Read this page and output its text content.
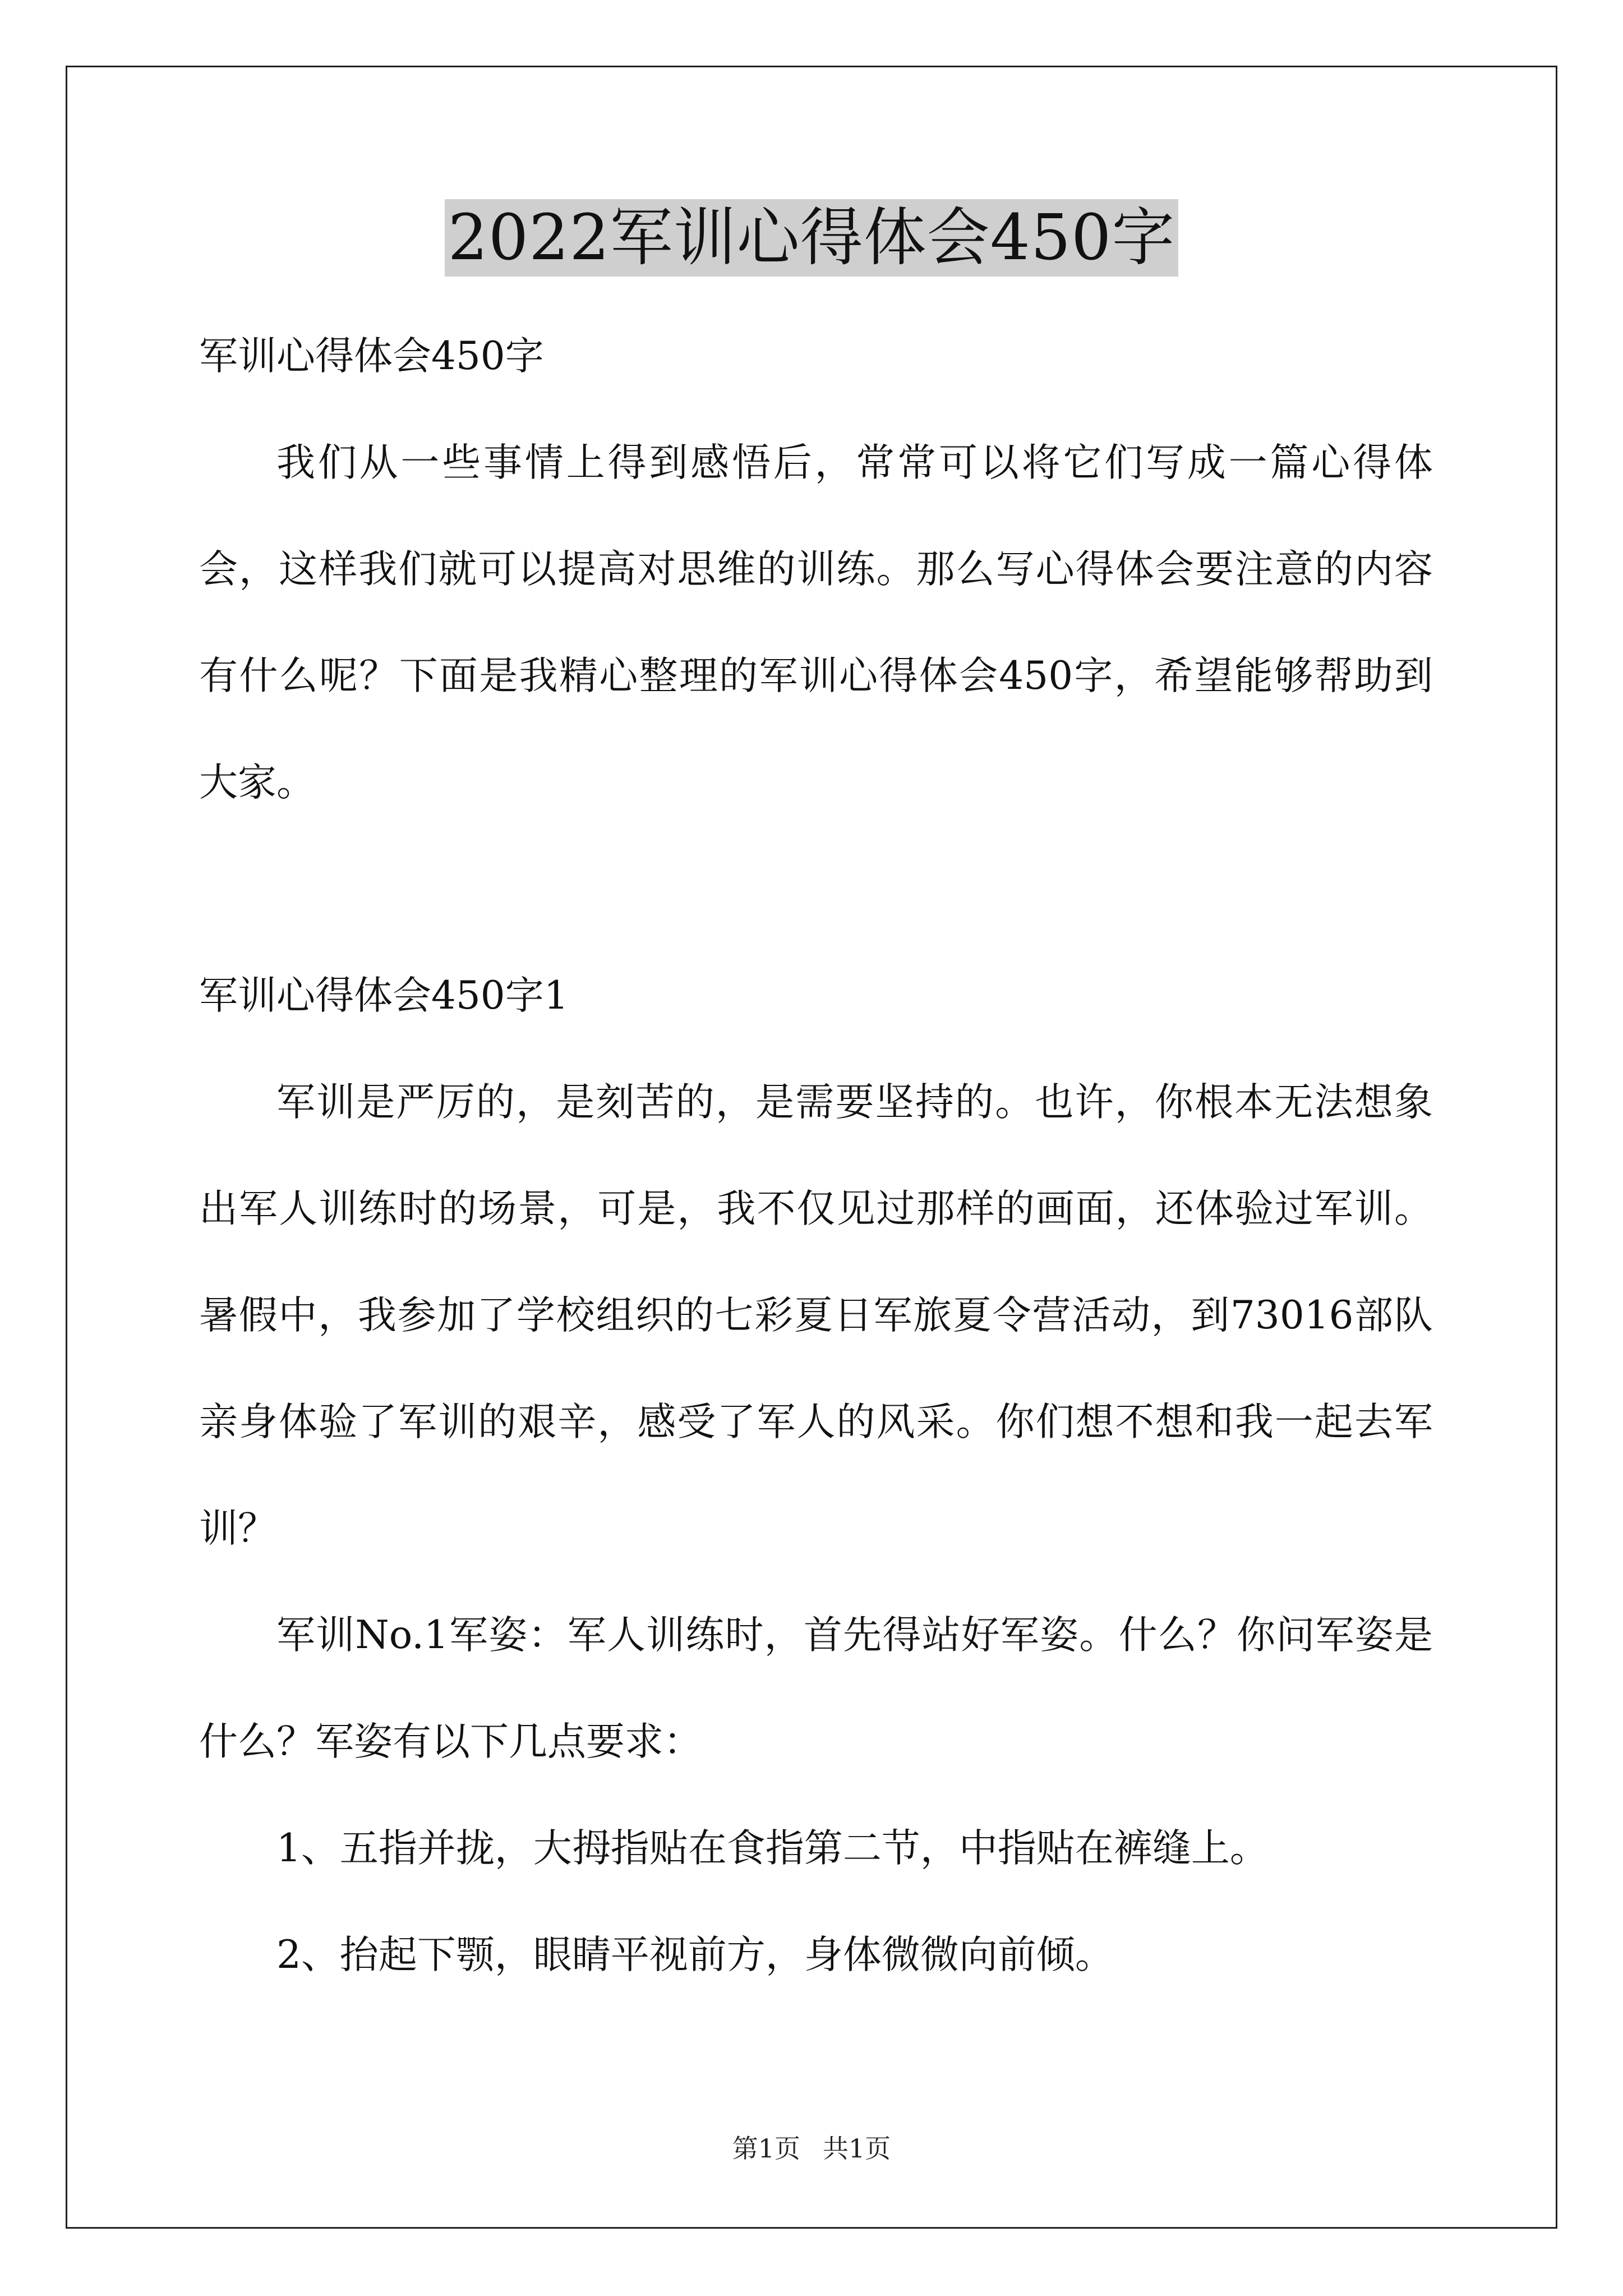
2022军训心得体会450字

军训心得体会450字

我们从一些事情上得到感悟后，常常可以将它们写成一篇心得体会，这样我们就可以提高对思维的训练。那么写心得体会要注意的内容有什么呢？下面是我精心整理的军训心得体会450字，希望能够帮助到大家。

军训心得体会450字1

军训是严厉的，是刻苦的，是需要坚持的。也许，你根本无法想象出军人训练时的场景，可是，我不仅见过那样的画面，还体验过军训。暑假中，我参加了学校组织的七彩夏日军旅夏令营活动，到73016部队亲身体验了军训的艰辛，感受了军人的风采。你们想不想和我一起去军训？

军训No.1军姿：军人训练时，首先得站好军姿。什么？你问军姿是什么？军姿有以下几点要求：

1、五指并拢，大拇指贴在食指第二节，中指贴在裤缝上。

2、抬起下颚，眼睛平视前方，身体微微向前倾。

第1页 共1页
